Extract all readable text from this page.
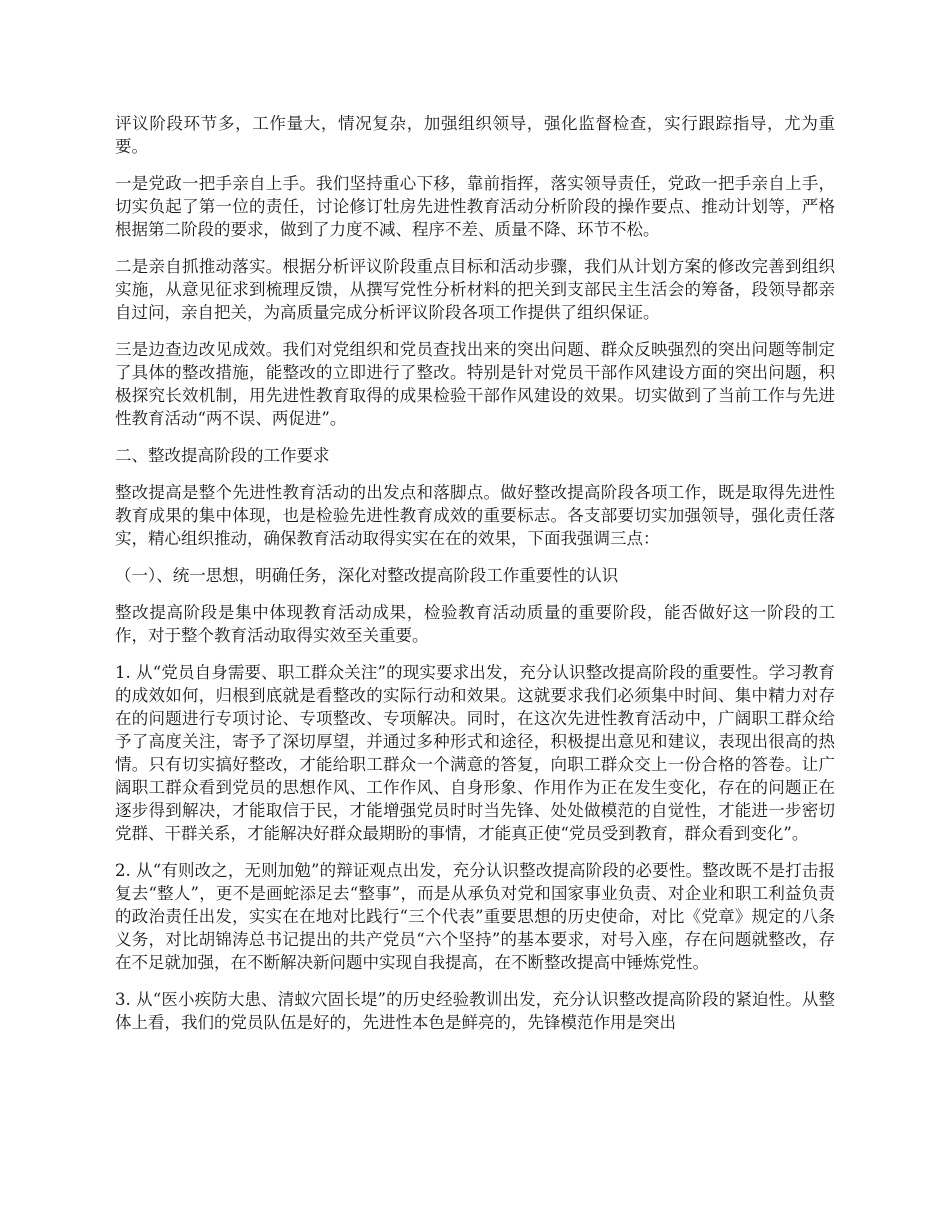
评议阶段环节多，工作量大，情况复杂，加强组织领导，强化监督检查，实行跟踪指导，尤为重要。

一是党政一把手亲自上手。我们坚持重心下移，靠前指挥，落实领导责任，党政一把手亲自上手，切实负起了第一位的责任，讨论修订牡房先进性教育活动分析阶段的操作要点、推动计划等，严格根据第二阶段的要求，做到了力度不减、程序不差、质量不降、环节不松。

二是亲自抓推动落实。根据分析评议阶段重点目标和活动步骤，我们从计划方案的修改完善到组织实施，从意见征求到梳理反馈，从撰写党性分析材料的把关到支部民主生活会的筹备，段领导都亲自过问，亲自把关，为高质量完成分析评议阶段各项工作提供了组织保证。

三是边查边改见成效。我们对党组织和党员查找出来的突出问题、群众反映强烈的突出问题等制定了具体的整改措施，能整改的立即进行了整改。特别是针对党员干部作风建设方面的突出问题，积极探究长效机制，用先进性教育取得的成果检验干部作风建设的效果。切实做到了当前工作与先进性教育活动“两不误、两促进”。

二、整改提高阶段的工作要求

整改提高是整个先进性教育活动的出发点和落脚点。做好整改提高阶段各项工作，既是取得先进性教育成果的集中体现，也是检验先进性教育成效的重要标志。各支部要切实加强领导，强化责任落实，精心组织推动，确保教育活动取得实实在在的效果，下面我强调三点：

（一）、统一思想，明确任务，深化对整改提高阶段工作重要性的认识

整改提高阶段是集中体现教育活动成果，检验教育活动质量的重要阶段，能否做好这一阶段的工作，对于整个教育活动取得实效至关重要。

1. 从“党员自身需要、职工群众关注”的现实要求出发，充分认识整改提高阶段的重要性。学习教育的成效如何，归根到底就是看整改的实际行动和效果。这就要求我们必须集中时间、集中精力对存在的问题进行专项讨论、专项整改、专项解决。同时，在这次先进性教育活动中，广阔职工群众给予了高度关注，寄予了深切厚望，并通过多种形式和途径，积极提出意见和建议，表现出很高的热情。只有切实搞好整改，才能给职工群众一个满意的答复，向职工群众交上一份合格的答卷。让广阔职工群众看到党员的思想作风、工作作风、自身形象、作用作为正在发生变化，存在的问题正在逐步得到解决，才能取信于民，才能增强党员时时当先锋、处处做模范的自觉性，才能进一步密切党群、干群关系，才能解决好群众最期盼的事情，才能真正使“党员受到教育，群众看到变化”。

2. 从“有则改之，无则加勉”的辩证观点出发，充分认识整改提高阶段的必要性。整改既不是打击报复去“整人”，更不是画蛇添足去“整事”，而是从承负对党和国家事业负责、对企业和职工利益负责的政治责任出发，实实在在地对比践行“三个代表”重要思想的历史使命，对比《党章》规定的八条义务，对比胡锦涛总书记提出的共产党员“六个坚持”的基本要求，对号入座，存在问题就整改，存在不足就加强，在不断解决新问题中实现自我提高，在不断整改提高中锤炼党性。

3. 从“医小疾防大患、清蚁穴固长堤”的历史经验教训出发，充分认识整改提高阶段的紧迫性。从整体上看，我们的党员队伍是好的，先进性本色是鲜亮的，先锋模范作用是突出
